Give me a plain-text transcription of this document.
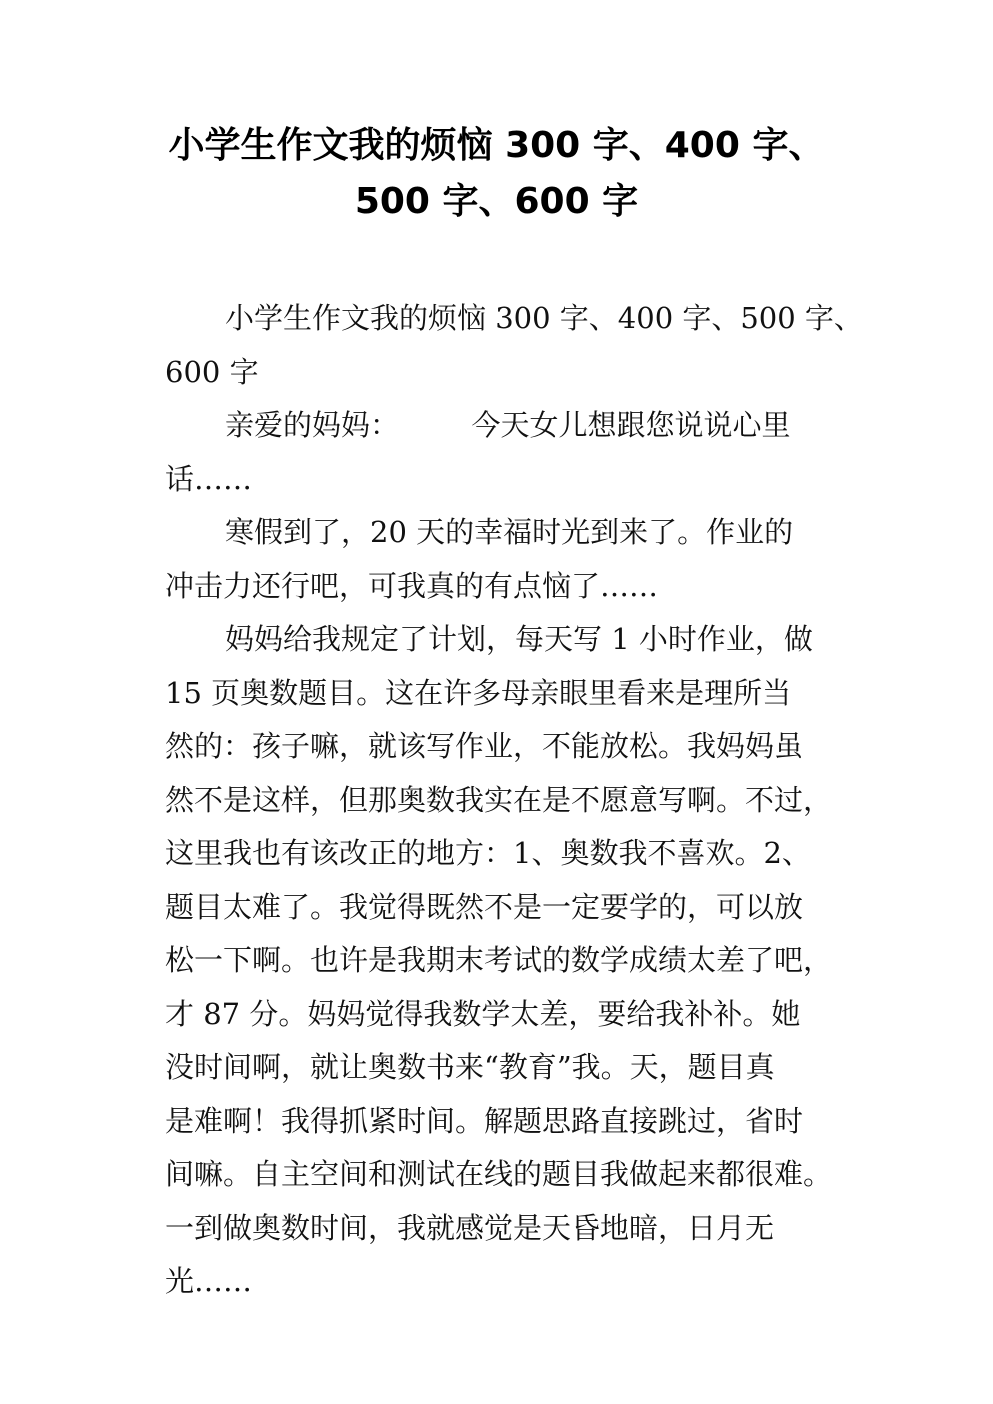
小学生作文我的烦恼 300 字、400 字、
500 字、600 字
小学生作文我的烦恼 300 字、400 字、500 字、
600 字
亲爱的妈妈：　　　今天女儿想跟您说说心里
话……
寒假到了，20 天的幸福时光到来了。作业的
冲击力还行吧，可我真的有点恼了……
妈妈给我规定了计划，每天写 1 小时作业，做
15 页奥数题目。这在许多母亲眼里看来是理所当
然的：孩子嘛，就该写作业，不能放松。我妈妈虽
然不是这样，但那奥数我实在是不愿意写啊。不过，
这里我也有该改正的地方：1、奥数我不喜欢。2、
题目太难了。我觉得既然不是一定要学的，可以放
松一下啊。也许是我期末考试的数学成绩太差了吧，
才 87 分。妈妈觉得我数学太差，要给我补补。她
没时间啊，就让奥数书来“教育”我。天，题目真
是难啊！我得抓紧时间。解题思路直接跳过，省时
间嘛。自主空间和测试在线的题目我做起来都很难。
一到做奥数时间，我就感觉是天昏地暗，日月无
光……
